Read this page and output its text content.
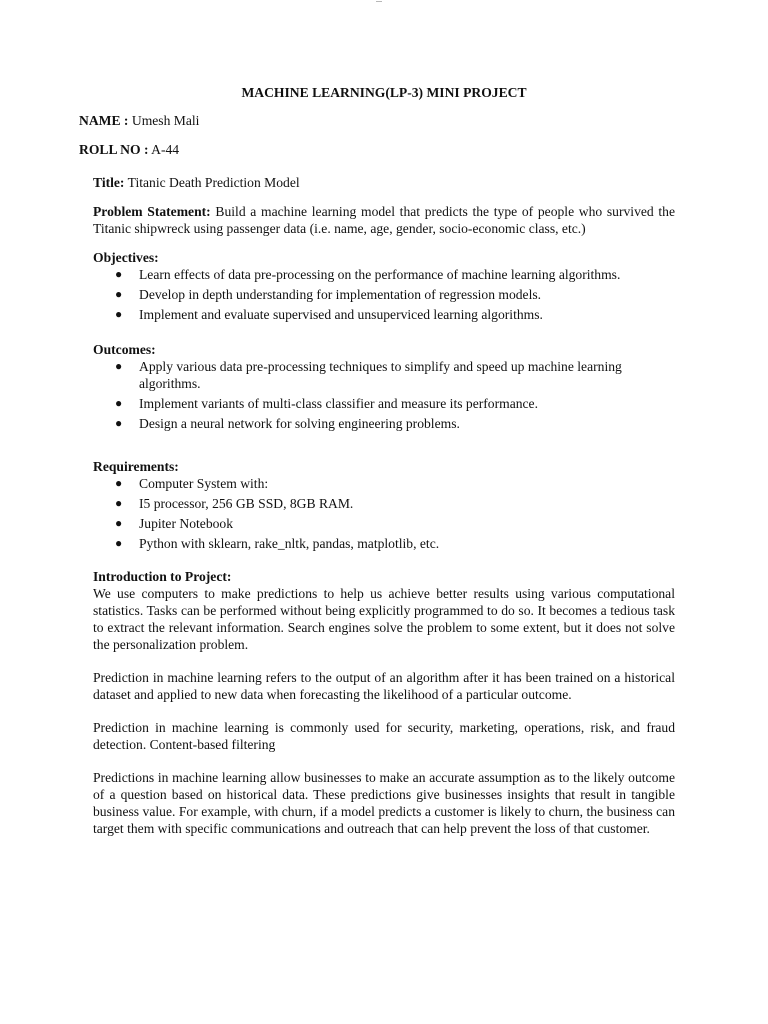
MACHINE LEARNING(LP-3) MINI PROJECT
NAME : Umesh Mali
ROLL NO : A-44

Title: Titanic Death Prediction Model

Problem Statement: Build a machine learning model that predicts the type of people who survived the Titanic shipwreck using passenger data (i.e. name, age, gender, socio-economic class, etc.)

Objectives:
● Learn effects of data pre-processing on the performance of machine learning algorithms.
● Develop in depth understanding for implementation of regression models.
● Implement and evaluate supervised and unsuperviced learning algorithms.
Outcomes:
● Apply various data pre-processing techniques to simplify and speed up machine learning algorithms.
● Implement variants of multi-class classifier and measure its performance.
● Design a neural network for solving engineering problems.
Requirements:
● Computer System with:
● I5 processor, 256 GB SSD, 8GB RAM.
● Jupiter Notebook
● Python with sklearn, rake_nltk, pandas, matplotlib, etc.
Introduction to Project:

We use computers to make predictions to help us achieve better results using various computational statistics. Tasks can be performed without being explicitly programmed to do so. It becomes a tedious task to extract the relevant information. Search engines solve the problem to some extent, but it does not solve the personalization problem.

Prediction in machine learning refers to the output of an algorithm after it has been trained on a historical dataset and applied to new data when forecasting the likelihood of a particular outcome.

Prediction in machine learning is commonly used for security, marketing, operations, risk, and fraud detection. Content-based filtering

Predictions in machine learning allow businesses to make an accurate assumption as to the likely outcome of a question based on historical data. These predictions give businesses insights that result in tangible business value. For example, with churn, if a model predicts a customer is likely to churn, the business can target them with specific communications and outreach that can help prevent the loss of that customer.
